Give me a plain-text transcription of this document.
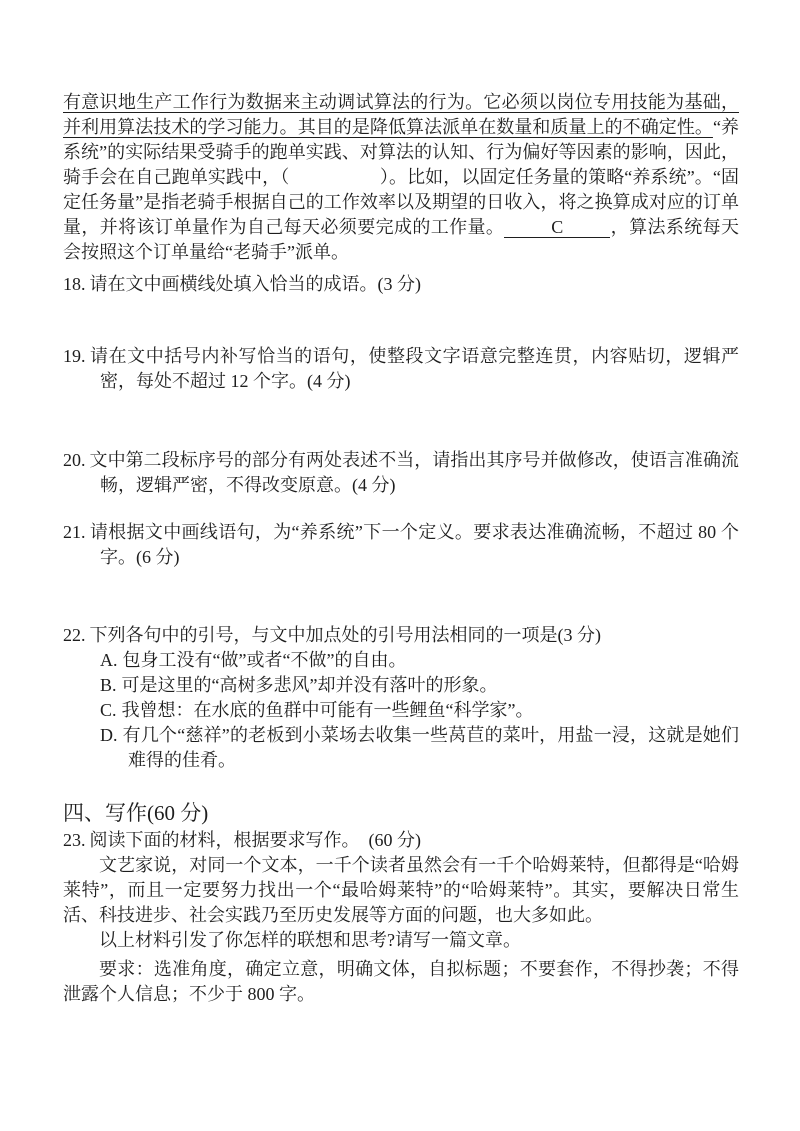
有意识地生产工作行为数据来主动调试算法的行为。它必须以岗位专用技能为基础，并利用算法技术的学习能力。其目的是降低算法派单在数量和质量上的不确定性。“养系统”的实际结果受骑手的跑单实践、对算法的认知、行为偏好等因素的影响，因此，骑手会在自己跑单实践中，（　　　　　）。比如，以固定任务量的策略“养系统”。“固定任务量”是指老骑手根据自己的工作效率以及期望的日收入，将之换算成对应的订单量，并将该订单量作为自己每天必须要完成的工作量。	C	，算法系统每天会按照这个订单量给“老骑手”派单。

18. 请在文中画横线处填入恰当的成语。(3 分)

19. 请在文中括号内补写恰当的语句，使整段文字语意完整连贯，内容贴切，逻辑严密，每处不超过 12 个字。(4 分)

20. 文中第二段标序号的部分有两处表述不当，请指出其序号并做修改，使语言准确流畅，逻辑严密，不得改变原意。(4 分)

21. 请根据文中画线语句，为“养系统”下一个定义。要求表达准确流畅，不超过 80 个字。(6 分)

22. 下列各句中的引号，与文中加点处的引号用法相同的一项是(3 分)

A. 包身工没有“做”或者“不做”的自由。

B. 可是这里的“高树多悲风”却并没有落叶的形象。

C. 我曾想：在水底的鱼群中可能有一些鲤鱼“科学家”。

D. 有几个“慈祥”的老板到小菜场去收集一些莴苣的菜叶，用盐一浸，这就是她们难得的佳肴。

四、写作(60 分)

23. 阅读下面的材料，根据要求写作。　(60 分)

文艺家说，对同一个文本，一千个读者虽然会有一千个哈姆莱特，但都得是“哈姆莱特”，而且一定要努力找出一个“最哈姆莱特”的“哈姆莱特”。其实，要解决日常生活、科技进步、社会实践乃至历史发展等方面的问题，也大多如此。

以上材料引发了你怎样的联想和思考?请写一篇文章。

要求：选准角度，确定立意，明确文体，自拟标题；不要套作，不得抄袭；不得泄露个人信息；不少于 800 字。
